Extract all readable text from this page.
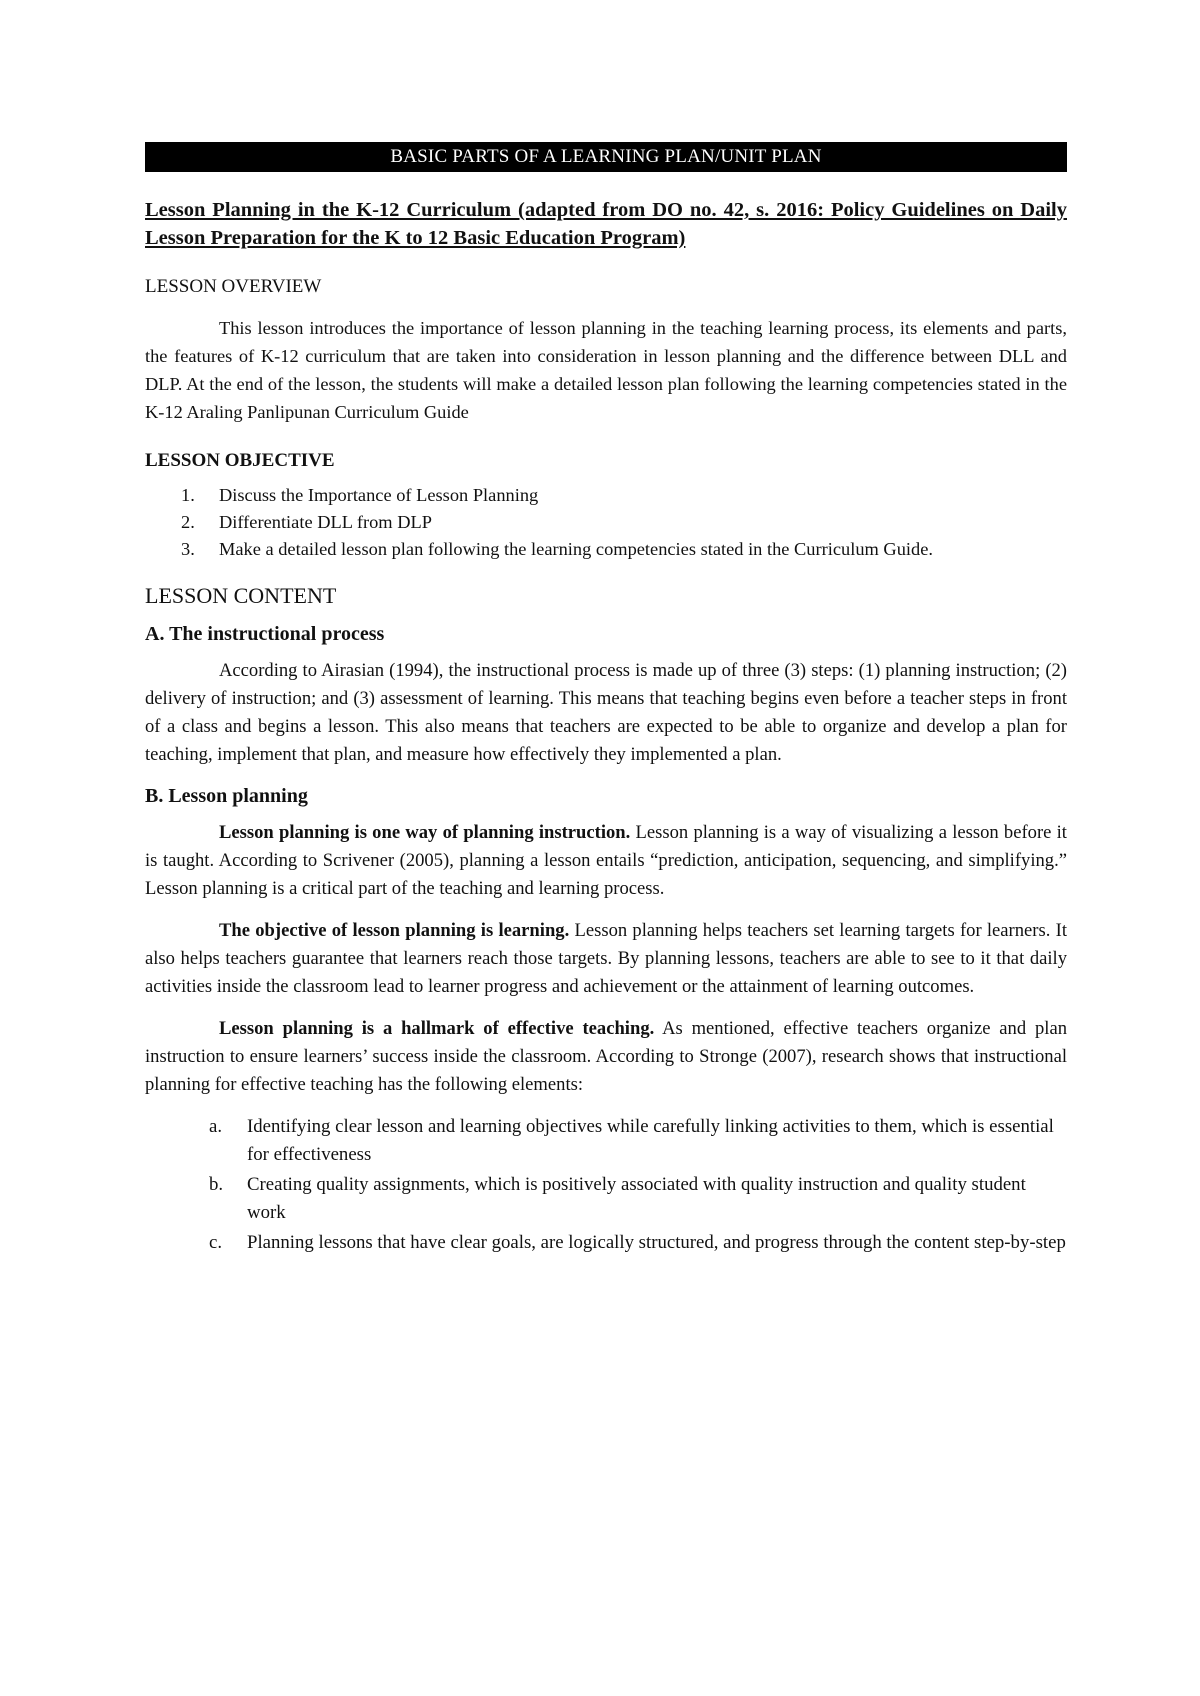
BASIC PARTS OF A LEARNING PLAN/UNIT PLAN
Lesson Planning in the K-12 Curriculum (adapted from DO no. 42, s. 2016: Policy Guidelines on Daily Lesson Preparation for the K to 12 Basic Education Program)
LESSON OVERVIEW

This lesson introduces the importance of lesson planning in the teaching learning process, its elements and parts, the features of K-12 curriculum that are taken into consideration in lesson planning and the difference between DLL and DLP. At the end of the lesson, the students will make a detailed lesson plan following the learning competencies stated in the K-12 Araling Panlipunan Curriculum Guide

LESSON OBJECTIVE
1. Discuss the Importance of Lesson Planning
2. Differentiate DLL from DLP
3. Make a detailed lesson plan following the learning competencies stated in the Curriculum Guide.
LESSON CONTENT
A. The instructional process

According to Airasian (1994), the instructional process is made up of three (3) steps: (1) planning instruction; (2) delivery of instruction; and (3) assessment of learning. This means that teaching begins even before a teacher steps in front of a class and begins a lesson. This also means that teachers are expected to be able to organize and develop a plan for teaching, implement that plan, and measure how effectively they implemented a plan.

B. Lesson planning

Lesson planning is one way of planning instruction. Lesson planning is a way of visualizing a lesson before it is taught. According to Scrivener (2005), planning a lesson entails “prediction, anticipation, sequencing, and simplifying.” Lesson planning is a critical part of the teaching and learning process.

The objective of lesson planning is learning. Lesson planning helps teachers set learning targets for learners. It also helps teachers guarantee that learners reach those targets. By planning lessons, teachers are able to see to it that daily activities inside the classroom lead to learner progress and achievement or the attainment of learning outcomes.

Lesson planning is a hallmark of effective teaching. As mentioned, effective teachers organize and plan instruction to ensure learners’ success inside the classroom. According to Stronge (2007), research shows that instructional planning for effective teaching has the following elements:

a. Identifying clear lesson and learning objectives while carefully linking activities to them, which is essential for effectiveness
b. Creating quality assignments, which is positively associated with quality instruction and quality student work
c. Planning lessons that have clear goals, are logically structured, and progress through the content step-by-step
